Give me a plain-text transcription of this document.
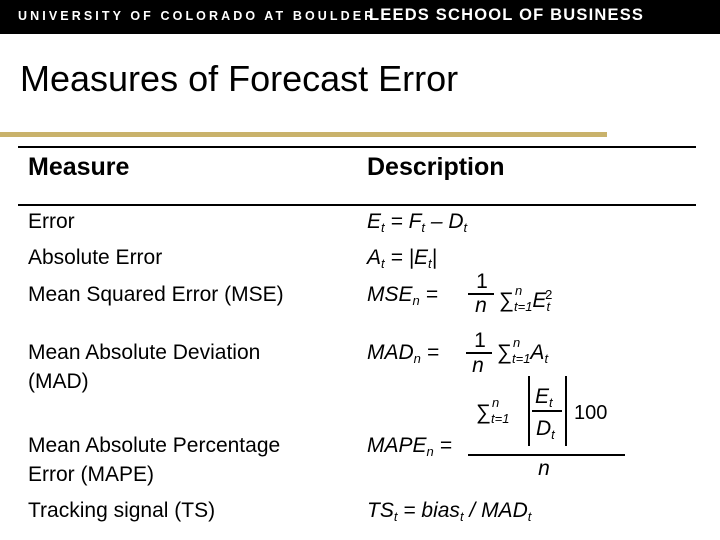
UNIVERSITY OF COLORADO AT BOULDER
LEEDS SCHOOL OF BUSINESS
Measures of Forecast Error
Measure	Description
Error
Absolute Error
Mean Squared Error (MSE)
Mean Absolute Deviation
(MAD)
Mean Absolute Percentage
Error (MAPE)
Tracking signal (TS)
$E_t = F_t - D_t$
$A_t = |E_t|$
$MSE_n$ =
1
n ∑ n
$_{t=1}E_t^2$
$MAD_n$ =
1
n
∑ n
$_{t=1}A_t$
∑ n
$_{t=1}$
$E_t$
$D_t$
100
$MAPE_n$ =
n
$TS_t$ = bias$_t$ / $MAD_t$
